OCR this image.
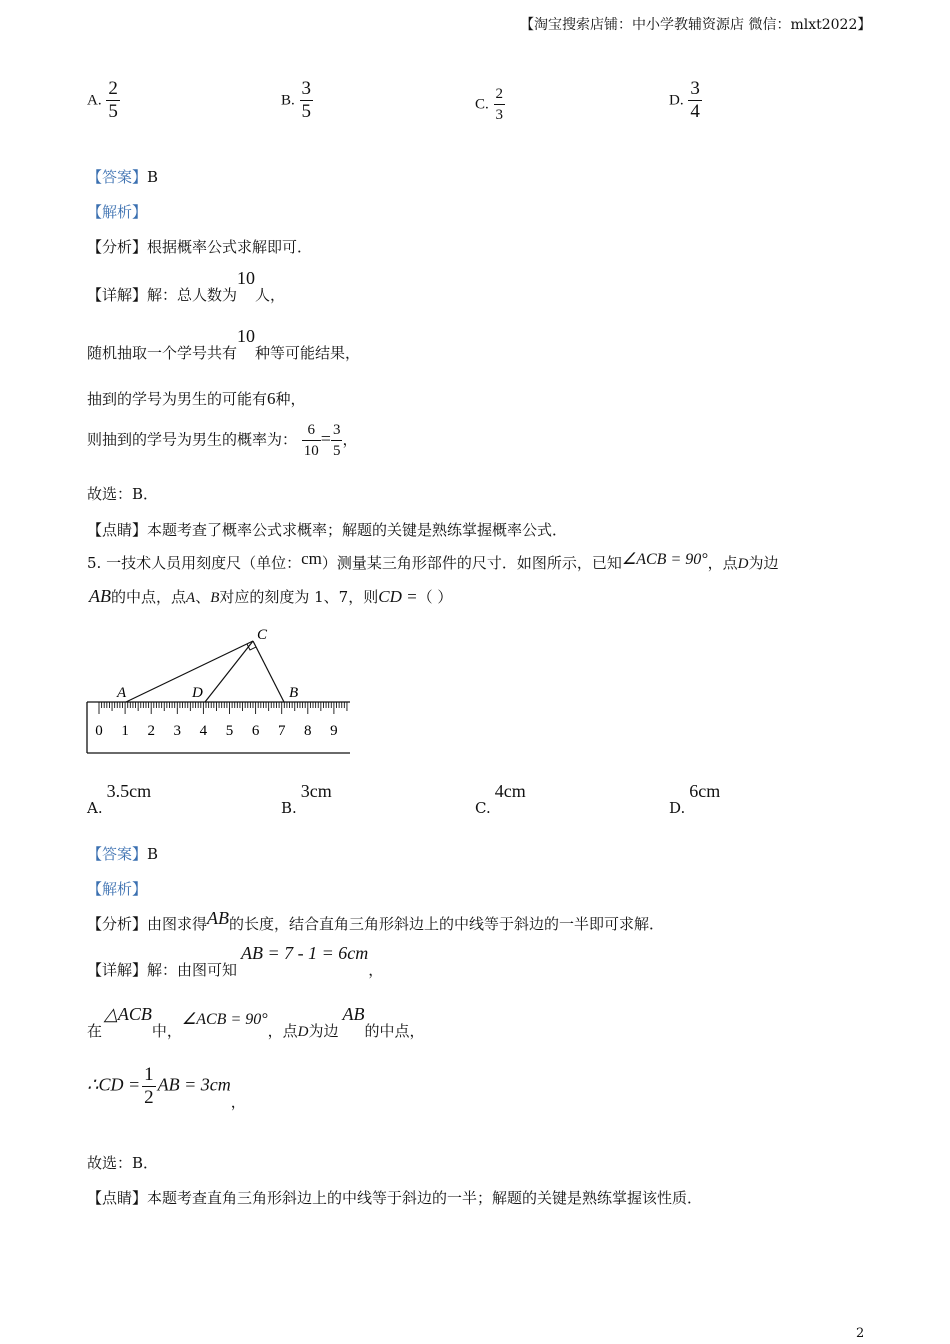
【淘宝搜索店铺：中小学教辅资源店 微信：mlxt2022】
A. $\frac{2}{5}$	B. $\frac{3}{5}$	C. $\frac{2}{3}$	D. $\frac{3}{4}$
【答案】B
【解析】
【分析】根据概率公式求解即可．
【详解】解：总人数为10人，
随机抽取一个学号共有10种等可能结果，
抽到的学号为男生的可能有6种，
则抽到的学号为男生的概率为： $\frac{6}{10} = \frac{3}{5}$ ，
故选：B．
【点睛】本题考查了概率公式求概率；解题的关键是熟练掌握概率公式．
5. 一技术人员用刻度尺（单位：cm）测量某三角形部件的尺寸．如图所示，已知∠ACB = 90°，点D为边
AB的中点，点A、B对应的刻度为 1、7，则CD =（ ）
C
A	D	B
0 1 2 3 4 5 6 7 8 9
A.3.5cm
B.3cm
C.4cm
D.6cm
【答案】B
【解析】
【分析】由图求得AB的长度，结合直角三角形斜边上的中线等于斜边的一半即可求解．
【详解】解：由图可知AB = 7 - 1 = 6cm，
在△ACB中，∠ACB = 90°，点D为边AB的中点，
∴CD = $\frac{1}{2}$ AB = 3cm，
故选：B．
【点睛】本题考查直角三角形斜边上的中线等于斜边的一半；解题的关键是熟练掌握该性质．
2
